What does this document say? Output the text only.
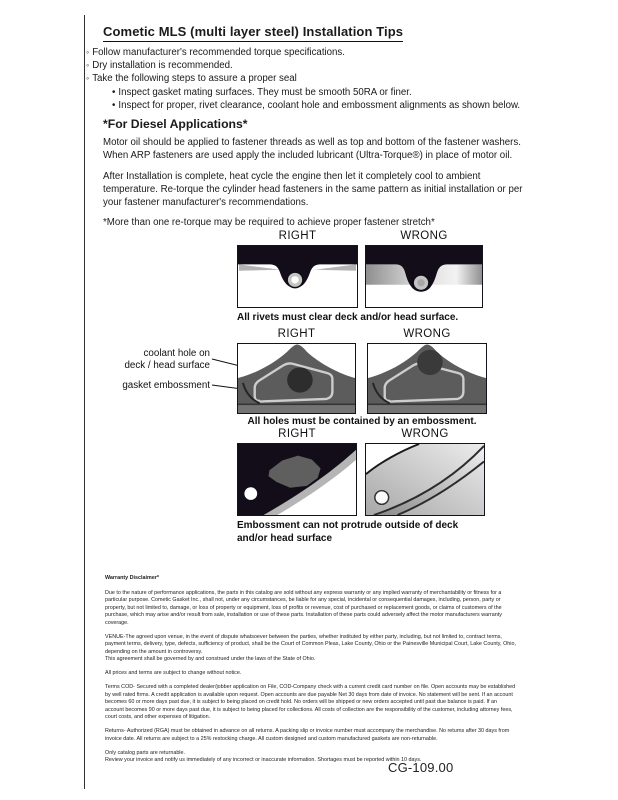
Cometic MLS (multi layer steel) Installation Tips
◦ Follow manufacturer's recommended torque specifications.
◦ Dry installation is recommended.
◦ Take the following steps to assure a proper seal
• Inspect gasket mating surfaces. They must be smooth 50RA or finer.
• Inspect for proper, rivet clearance, coolant hole and embossment alignments as shown below.
*For Diesel Applications*

Motor oil should be applied to fastener threads as well as top and bottom of the fastener washers. When ARP fasteners are used apply the included lubricant (Ultra-Torque®) in place of motor oil.

After Installation is complete, heat cycle the engine then let it completely cool to ambient temperature. Re-torque the cylinder head fasteners in the same pattern as initial installation or per your fastener manufacturer's recommendations.

*More than one re-torque may be required to achieve proper fastener stretch*

RIGHT	WRONG
All rivets must clear deck and/or head surface.
RIGHT	WRONG
coolant hole on
deck / head surface
gasket embossment
All holes must be contained by an embossment.
RIGHT	WRONG
Embossment can not protrude outside of deck
and/or head surface
Warranty Disclaimer*
Due to the nature of performance applications, the parts in this catalog are sold without any express warranty or any implied warranty of merchantability or fitness for a particular purpose. Cometic Gasket Inc., shall not, under any circumstances, be liable for any special, incidental or consequential damages, including, person, party or property, but not limited to, damage, or loss of property or equipment, loss of profits or revenue, cost of purchased or replacement goods, or claims of customers of the purchase, which may arise and/or result from sale, installation or use of these parts. Installation of these parts could adversely affect the motor manufacturers warranty coverage.
VENUE-The agreed upon venue, in the event of dispute whatsoever between the parties, whether instituted by either party, including, but not limited to, contract terms, payment terms, delivery, type, defects, sufficiency of product, shall be the Court of Common Pleas, Lake County, Ohio or the Painesville Municipal Court, Lake County, Ohio, depending on the amount in controversy.
This agreement shall be governed by and construed under the laws of the State of Ohio.
All prices and terms are subject to change without notice.
Terms COD- Secured with a completed dealer/jobber application on File, COD-Company check with a current credit card number on file. Open accounts may be established by well rated firms. A credit application is available upon request. Open accounts are due payable Net 30 days from date of invoice. No statement will be sent. If an account becomes 60 or more days past due, it is subject to being placed on credit hold. No orders will be shipped or new orders accepted until past due balance is paid. If an account becomes 90 or more days past due, it is subject to being placed for collections. All costs of collection are the responsibility of the customer, including attorney fees, court costs, and other expenses of litigation.
Returns- Authorized (RGA) must be obtained in advance on all returns. A packing slip or invoice number must accompany the merchandise. No returns after 30 days from invoice date. All returns are subject to a 25% restocking charge. All custom designed and custom manufactured gaskets are non-returnable.
Only catalog parts are returnable.
Review your invoice and notify us immediately of any incorrect or inaccurate information. Shortages must be reported within 10 days.
CG-109.00
